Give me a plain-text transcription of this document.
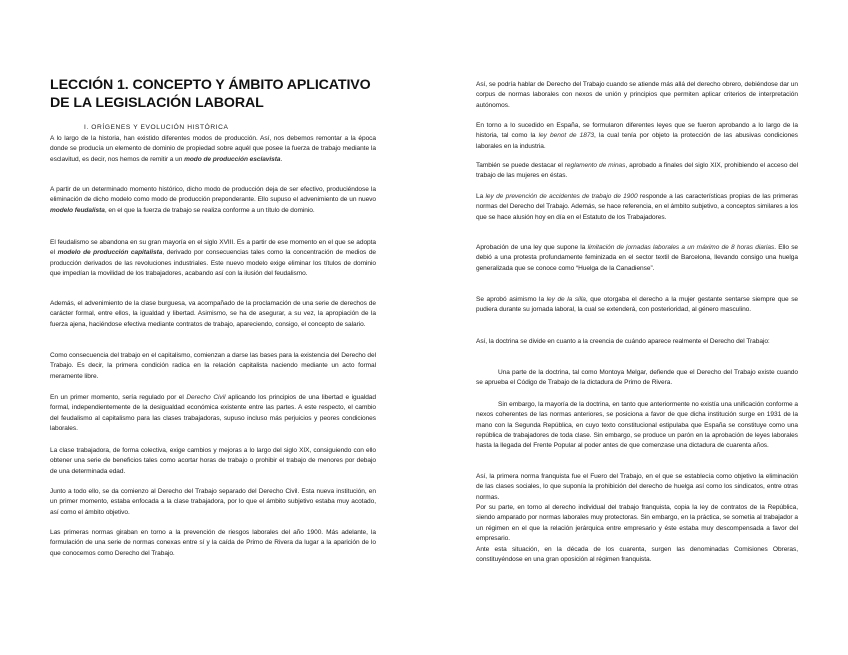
LECCIÓN 1. CONCEPTO Y ÁMBITO APLICATIVO DE LA LEGISLACIÓN LABORAL

I. ORÍGENES Y EVOLUCIÓN HISTÓRICA

A lo largo de la historia, han existido diferentes modos de producción. Así, nos debemos remontar a la época donde se producía un elemento de dominio de propiedad sobre aquél que posee la fuerza de trabajo mediante la esclavitud, es decir, nos hemos de remitir a un modo de producción esclavista.

A partir de un determinado momento histórico, dicho modo de producción deja de ser efectivo, produciéndose la eliminación de dicho modelo como modo de producción preponderante. Ello supuso el advenimiento de un nuevo modelo feudalista, en el que la fuerza de trabajo se realiza conforme a un título de dominio.

El feudalismo se abandona en su gran mayoría en el siglo XVIII. Es a partir de ese momento en el que se adopta el modelo de producción capitalista, derivado por consecuencias tales como la concentración de medios de producción derivados de las revoluciones industriales. Este nuevo modelo exige eliminar los títulos de dominio que impedían la movilidad de los trabajadores, acabando así con la ilusión del feudalismo.

Además, el advenimiento de la clase burguesa, va acompañado de la proclamación de una serie de derechos de carácter formal, entre ellos, la igualdad y libertad. Asimismo, se ha de asegurar, a su vez, la apropiación de la fuerza ajena, haciéndose efectiva mediante contratos de trabajo, apareciendo, consigo, el concepto de salario.

Como consecuencia del trabajo en el capitalismo, comienzan a darse las bases para la existencia del Derecho del Trabajo. Es decir, la primera condición radica en la relación capitalista naciendo mediante un acto formal meramente libre.

En un primer momento, sería regulado por el Derecho Civil aplicando los principios de una libertad e igualdad formal, independientemente de la desigualdad económica existente entre las partes. A este respecto, el cambio del feudalismo al capitalismo para las clases trabajadoras, supuso incluso más perjuicios y peores condiciones laborales.

La clase trabajadora, de forma colectiva, exige cambios y mejoras a lo largo del siglo XIX, consiguiendo con ello obtener una serie de beneficios tales como acortar horas de trabajo o prohibir el trabajo de menores por debajo de una determinada edad.

Junto a todo ello, se da comienzo al Derecho del Trabajo separado del Derecho Civil. Esta nueva institución, en un primer momento, estaba enfocada a la clase trabajadora, por lo que el ámbito subjetivo estaba muy acotado, así como el ámbito objetivo.

Las primeras normas giraban en torno a la prevención de riesgos laborales del año 1900. Más adelante, la formulación de una serie de normas conexas entre sí y la caída de Primo de Rivera da lugar a la aparición de lo que conocemos como Derecho del Trabajo.

Así, se podría hablar de Derecho del Trabajo cuando se atiende más allá del derecho obrero, debiéndose dar un corpus de normas laborales con nexos de unión y principios que permiten aplicar criterios de interpretación autónomos.

En torno a lo sucedido en España, se formularon diferentes leyes que se fueron aprobando a lo largo de la historia, tal como la ley benot de 1873, la cual tenía por objeto la protección de las abusivas condiciones laborales en la industria.

También se puede destacar el reglamento de minas, aprobado a finales del siglo XIX, prohibiendo el acceso del trabajo de las mujeres en éstas.

La ley de prevención de accidentes de trabajo de 1900 responde a las características propias de las primeras normas del Derecho del Trabajo. Además, se hace referencia, en el ámbito subjetivo, a conceptos similares a los que se hace alusión hoy en día en el Estatuto de los Trabajadores.

Aprobación de una ley que supone la limitación de jornadas laborales a un máximo de 8 horas diarias. Ello se debió a una protesta profundamente feminizada en el sector textil de Barcelona, llevando consigo una huelga generalizada que se conoce como “Huelga de la Canadiense”.

Se aprobó asimismo la ley de la silla, que otorgaba el derecho a la mujer gestante sentarse siempre que se pudiera durante su jornada laboral, la cual se extenderá, con posterioridad, al género masculino.

Así, la doctrina se divide en cuanto a la creencia de cuándo aparece realmente el Derecho del Trabajo:

Una parte de la doctrina, tal como Montoya Melgar, defiende que el Derecho del Trabajo existe cuando se aprueba el Código de Trabajo de la dictadura de Primo de Rivera.

Sin embargo, la mayoría de la doctrina, en tanto que anteriormente no existía una unificación conforme a nexos coherentes de las normas anteriores, se posiciona a favor de que dicha institución surge en 1931 de la mano con la Segunda República, en cuyo texto constitucional estipulaba que España se constituye como una república de trabajadores de toda clase. Sin embargo, se produce un parón en la aprobación de leyes laborales hasta la llegada del Frente Popular al poder antes de que comenzase una dictadura de cuarenta años.

Así, la primera norma franquista fue el Fuero del Trabajo, en el que se establecía como objetivo la eliminación de las clases sociales, lo que suponía la prohibición del derecho de huelga así como los sindicatos, entre otras normas.

Por su parte, en torno al derecho individual del trabajo franquista, copia la ley de contratos de la República, siendo amparado por normas laborales muy protectoras. Sin embargo, en la práctica, se sometía al trabajador a un régimen en el que la relación jerárquica entre empresario y éste estaba muy descompensada a favor del empresario.

Ante esta situación, en la década de los cuarenta, surgen las denominadas Comisiones Obreras, constituyéndose en una gran oposición al régimen franquista.
